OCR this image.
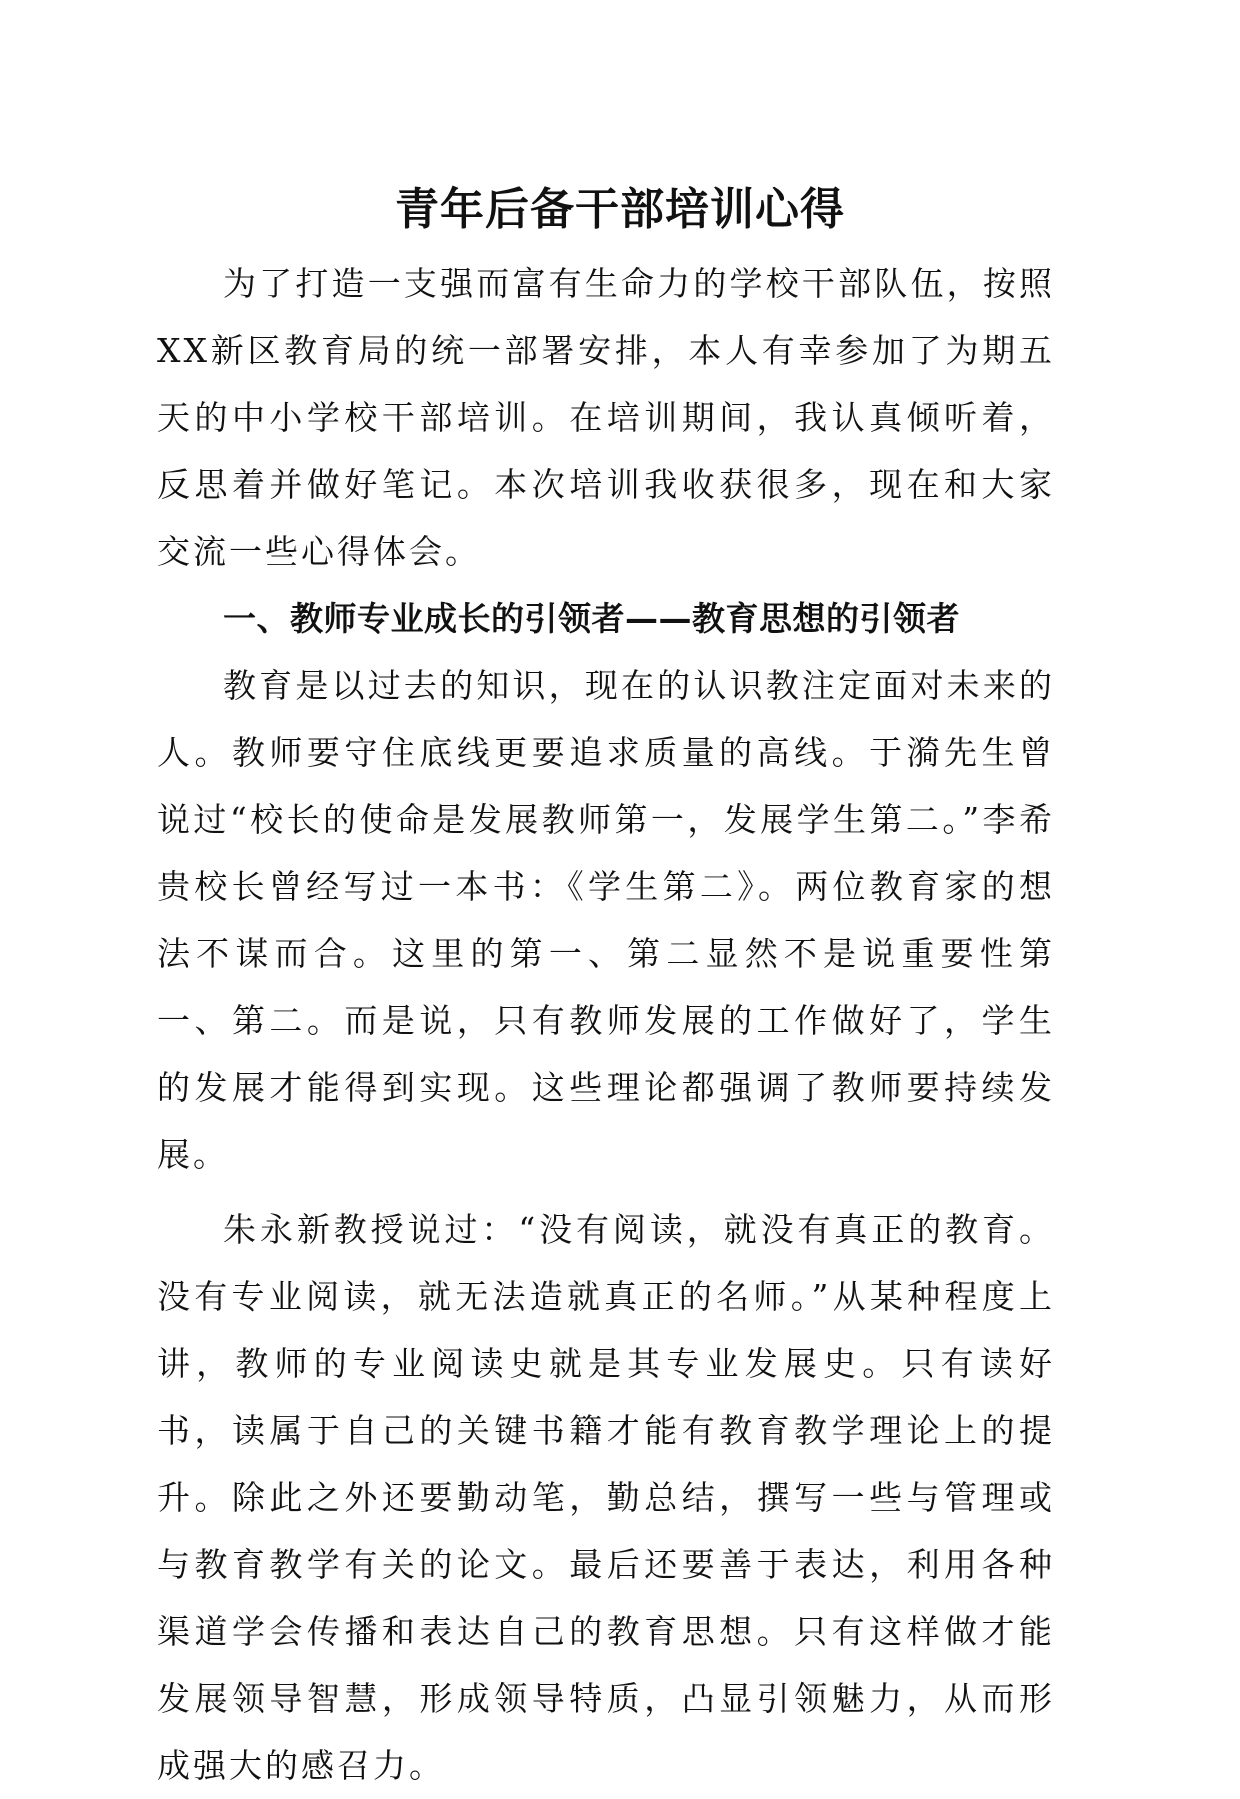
青年后备干部培训心得

为了打造一支强而富有生命力的学校干部队伍，按照XX新区教育局的统一部署安排，本人有幸参加了为期五天的中小学校干部培训。在培训期间，我认真倾听着，反思着并做好笔记。本次培训我收获很多，现在和大家交流一些心得体会。

一、教师专业成长的引领者——教育思想的引领者

教育是以过去的知识，现在的认识教注定面对未来的人。教师要守住底线更要追求质量的高线。于漪先生曾说过“校长的使命是发展教师第一，发展学生第二。”李希贵校长曾经写过一本书：《学生第二》。两位教育家的想法不谋而合。这里的第一、第二显然不是说重要性第一、第二。而是说，只有教师发展的工作做好了，学生的发展才能得到实现。这些理论都强调了教师要持续发展。

朱永新教授说过：“没有阅读，就没有真正的教育。没有专业阅读，就无法造就真正的名师。”从某种程度上讲，教师的专业阅读史就是其专业发展史。只有读好书，读属于自己的关键书籍才能有教育教学理论上的提升。除此之外还要勤动笔，勤总结，撰写一些与管理或与教育教学有关的论文。最后还要善于表达，利用各种渠道学会传播和表达自己的教育思想。只有这样做才能发展领导智慧，形成领导特质，凸显引领魅力，从而形成强大的感召力。
